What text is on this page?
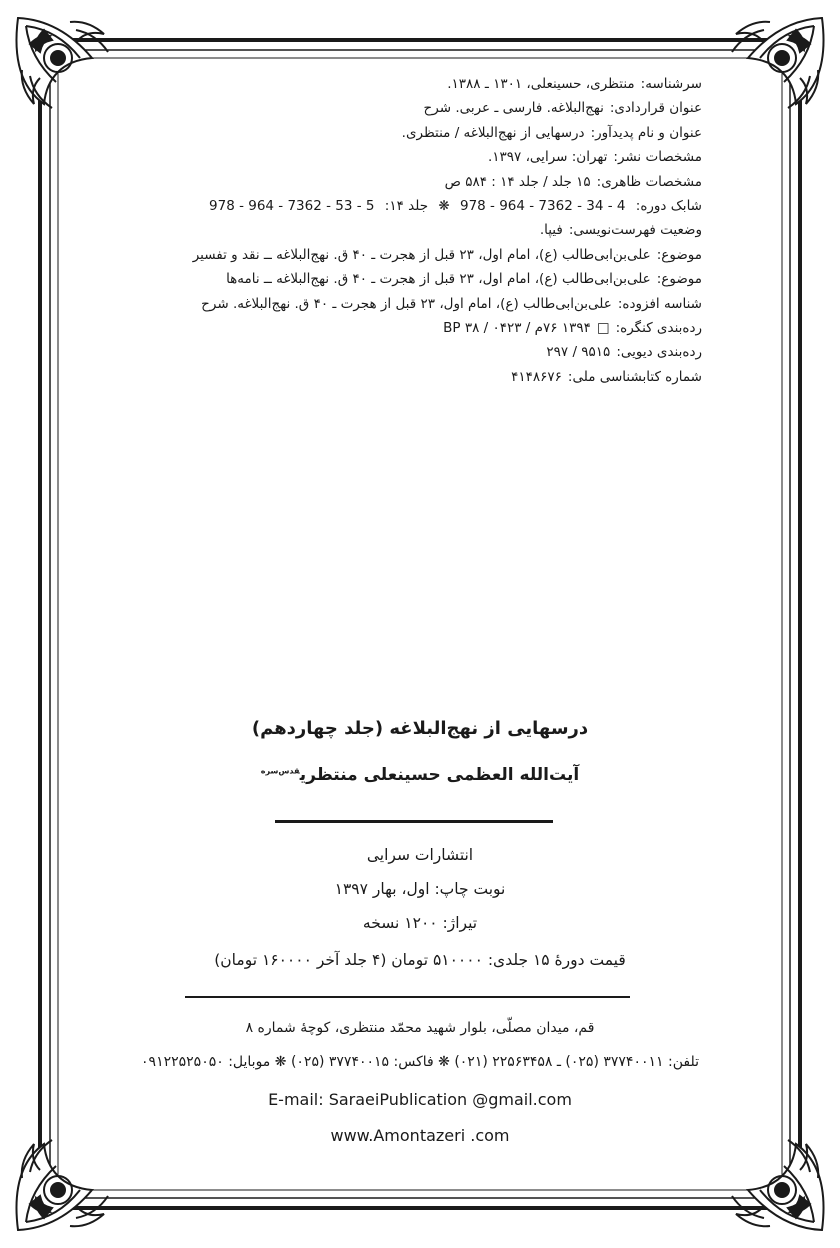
سرشناسه:منتظری، حسینعلی، ۱۳۰۱ ـ ۱۳۸۸.
عنوان قراردادی:نهج‌البلاغه. فارسی ـ عربی. شرح
عنوان و نام پدیدآور:درسهایی از نهج‌البلاغه / منتظری.
مشخصات نشر:تهران: سرایی، ۱۳۹۷.
مشخصات ظاهری:۱۵ جلد / جلد ۱۴ : ۵۸۴ ص
شابک دوره: 978 - 964 - 7362 - 34 - 4 ❋ جلد ۱۴: 978 - 964 - 7362 - 53 - 5
وضعیت فهرست‌نویسی:فیپا.
موضوع:علی‌بن‌ابی‌طالب (ع)، امام اول، ۲۳ قبل از هجرت ـ ۴۰ ق. نهج‌البلاغه ــ نقد و تفسیر
موضوع:علی‌بن‌ابی‌طالب (ع)، امام اول، ۲۳ قبل از هجرت ـ ۴۰ ق. نهج‌البلاغه ــ نامه‌ها
شناسه افزوده:علی‌بن‌ابی‌طالب (ع)، امام اول، ۲۳ قبل از هجرت ـ ۴۰ ق. نهج‌البلاغه. شرح
رده‌بندی کنگره:□۱۳۹۴ ۷۶م / ۰۴۲۳ / ۳۸ BP
رده‌بندی دیویی:۹۵۱۵ / ۲۹۷
شماره کتابشناسی ملی:۴۱۴۸۶۷۶
درسهایی از نهج‌البلاغه (جلد چهاردهم)
آیت‌الله العظمی حسینعلی منتظری$^{قدس‌سره}$
انتشارات سرایی
نوبت چاپ: اول، بهار ۱۳۹۷
تیراژ: ۱۲۰۰ نسخه
قیمت دورهٔ ۱۵ جلدی: ۵۱۰۰۰۰ تومان (۴ جلد آخر ۱۶۰۰۰۰ تومان)
قم، میدان مصلّی، بلوار شهید محمّد منتظری، کوچهٔ شماره ۸
تلفن: ۳۷۷۴۰۰۱۱ (۰۲۵) ـ ۲۲۵۶۳۴۵۸ (۰۲۱) ❋ فاکس: ۳۷۷۴۰۰۱۵ (۰۲۵) ❋ موبایل: ۰۹۱۲۲۵۲۵۰۵۰
E-mail: SaraeiPublication @gmail.com
www.Amontazeri .com
